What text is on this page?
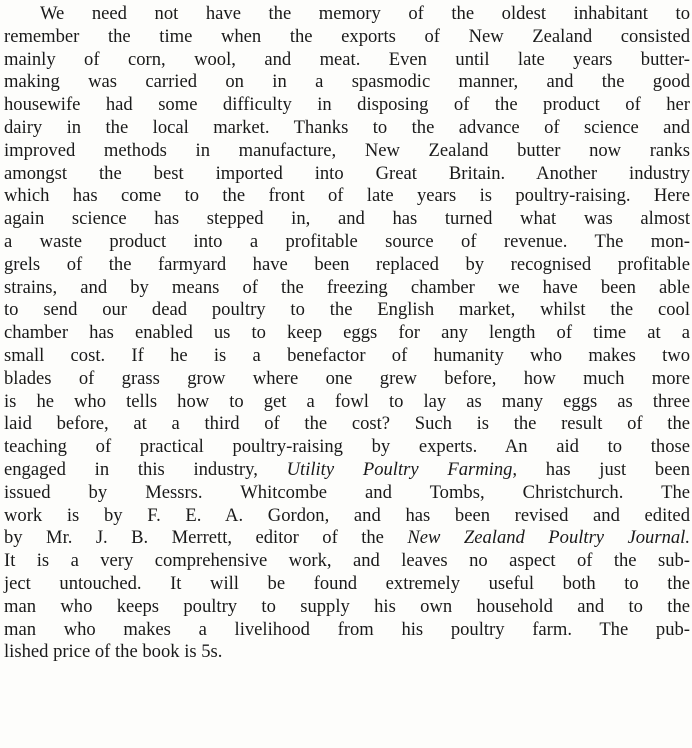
We need not have the memory of the oldest inhabitant to
remember the time when the exports of New Zealand consisted
mainly of corn, wool, and meat. Even until late years butter-
making was carried on in a spasmodic manner, and the good
housewife had some difficulty in disposing of the product of her
dairy in the local market. Thanks to the advance of science and
improved methods in manufacture, New Zealand butter now ranks
amongst the best imported into Great Britain. Another industry
which has come to the front of late years is poultry-raising. Here
again science has stepped in, and has turned what was almost
a waste product into a profitable source of revenue. The mon-
grels of the farmyard have been replaced by recognised profitable
strains, and by means of the freezing chamber we have been able
to send our dead poultry to the English market, whilst the cool
chamber has enabled us to keep eggs for any length of time at a
small cost. If he is a benefactor of humanity who makes two
blades of grass grow where one grew before, how much more
is he who tells how to get a fowl to lay as many eggs as three
laid before, at a third of the cost? Such is the result of the
teaching of practical poultry-raising by experts. An aid to those
engaged in this industry, Utility Poultry Farming, has just been
issued by Messrs. Whitcombe and Tombs, Christchurch. The
work is by F. E. A. Gordon, and has been revised and edited
by Mr. J. B. Merrett, editor of the New Zealand Poultry Journal.
It is a very comprehensive work, and leaves no aspect of the sub-
ject untouched. It will be found extremely useful both to the
man who keeps poultry to supply his own household and to the
man who makes a livelihood from his poultry farm. The pub-
lished price of the book is 5s.
